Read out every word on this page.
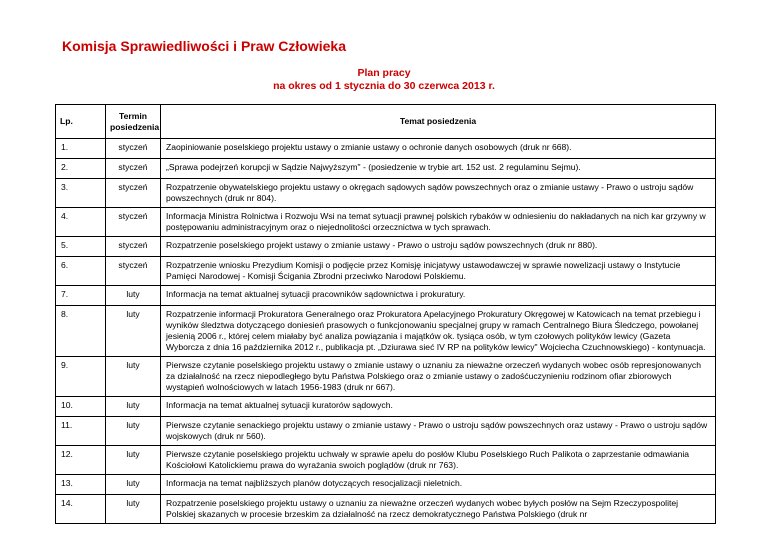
Komisja Sprawiedliwości i Praw Człowieka
Plan pracy
na okres od 1 stycznia do 30 czerwca 2013 r.
Lp.	Termin posiedzenia	Temat posiedzenia
1.	styczeń	Zaopiniowanie poselskiego projektu ustawy o zmianie ustawy o ochronie danych osobowych (druk nr 668).
2.	styczeń	„Sprawa podejrzeń korupcji w Sądzie Najwyższym" - (posiedzenie w trybie art. 152 ust. 2 regulaminu Sejmu).
3.	styczeń	Rozpatrzenie obywatelskiego projektu ustawy o okręgach sądowych sądów powszechnych oraz o zmianie ustawy - Prawo o ustroju sądów powszechnych (druk nr 804).
4.	styczeń	Informacja Ministra Rolnictwa i Rozwoju Wsi na temat sytuacji prawnej polskich rybaków w odniesieniu do nakładanych na nich kar grzywny w postępowaniu administracyjnym oraz o niejednolitości orzecznictwa w tych sprawach.
5.	styczeń	Rozpatrzenie poselskiego projekt ustawy o zmianie ustawy - Prawo o ustroju sądów powszechnych (druk nr 880).
6.	styczeń	Rozpatrzenie wniosku Prezydium Komisji o podjęcie przez Komisję inicjatywy ustawodawczej w sprawie nowelizacji ustawy o Instytucie Pamięci Narodowej - Komisji Ścigania Zbrodni przeciwko Narodowi Polskiemu.
7.	luty	Informacja na temat aktualnej sytuacji pracowników sądownictwa i prokuratury.
8.	luty	Rozpatrzenie informacji Prokuratora Generalnego oraz Prokuratora Apelacyjnego Prokuratury Okręgowej w Katowicach na temat przebiegu i wyników śledztwa dotyczącego doniesień prasowych o funkcjonowaniu specjalnej grupy w ramach Centralnego Biura Śledczego, powołanej jesienią 2006 r., której celem miałaby być analiza powiązania i majątków ok. tysiąca osób, w tym czołowych polityków lewicy (Gazeta Wyborcza z dnia 16 października 2012 r., publikacja pt. „Dziurawa sieć IV RP na polityków lewicy" Wojciecha Czuchnowskiego) - kontynuacja.
9.	luty	Pierwsze czytanie poselskiego projektu ustawy o zmianie ustawy o uznaniu za nieważne orzeczeń wydanych wobec osób represjonowanych za działalność na rzecz niepodległego bytu Państwa Polskiego oraz o zmianie ustawy o zadośćuczynieniu rodzinom ofiar zbiorowych wystąpień wolnościowych w latach 1956-1983 (druk nr 667).
10.	luty	Informacja na temat aktualnej sytuacji kuratorów sądowych.
11.	luty	Pierwsze czytanie senackiego projektu ustawy o zmianie ustawy - Prawo o ustroju sądów powszechnych oraz ustawy - Prawo o ustroju sądów wojskowych (druk nr 560).
12.	luty	Pierwsze czytanie poselskiego projektu uchwały w sprawie apelu do posłów Klubu Poselskiego Ruch Palikota o zaprzestanie odmawiania Kościołowi Katolickiemu prawa do wyrażania swoich poglądów (druk nr 763).
13.	luty	Informacja na temat najbliższych planów dotyczących resocjalizacji nieletnich.
14.	luty	Rozpatrzenie poselskiego projektu ustawy o uznaniu za nieważne orzeczeń wydanych wobec byłych posłów na Sejm Rzeczypospolitej Polskiej skazanych w procesie brzeskim za działalność na rzecz demokratycznego Państwa Polskiego (druk nr
